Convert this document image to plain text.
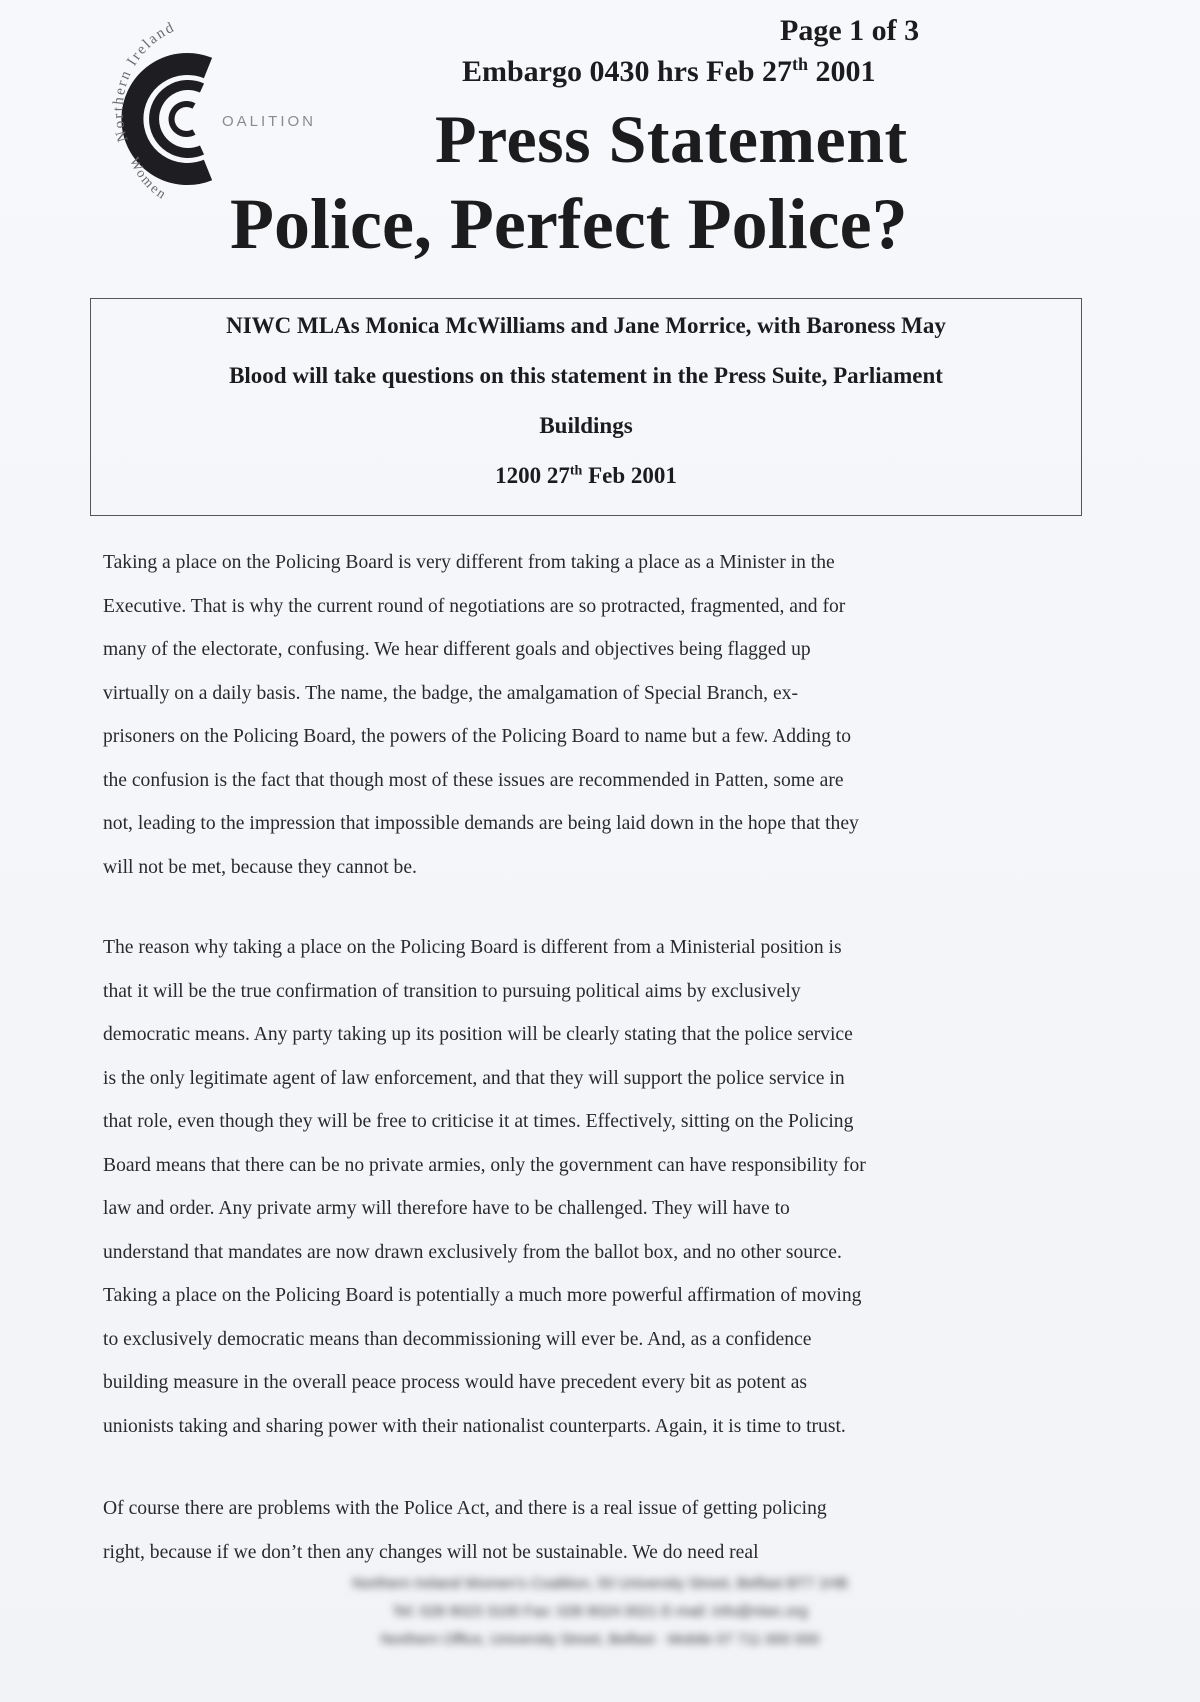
Northern Ireland
Women
OALITION
Page 1 of 3
Embargo 0430 hrs Feb 27th 2001
Press Statement
Police, Perfect Police?
NIWC MLAs Monica McWilliams and Jane Morrice, with Baroness May
Blood will take questions on this statement in the Press Suite, Parliament
Buildings
1200 27th Feb 2001
Taking a place on the Policing Board is very different from taking a place as a Minister in the
Executive. That is why the current round of negotiations are so protracted, fragmented, and for
many of the electorate, confusing. We hear different goals and objectives being flagged up
virtually on a daily basis. The name, the badge, the amalgamation of Special Branch, ex-
prisoners on the Policing Board, the powers of the Policing Board to name but a few. Adding to
the confusion is the fact that though most of these issues are recommended in Patten, some are
not, leading to the impression that impossible demands are being laid down in the hope that they
will not be met, because they cannot be.
The reason why taking a place on the Policing Board is different from a Ministerial position is
that it will be the true confirmation of transition to pursuing political aims by exclusively
democratic means. Any party taking up its position will be clearly stating that the police service
is the only legitimate agent of law enforcement, and that they will support the police service in
that role, even though they will be free to criticise it at times. Effectively, sitting on the Policing
Board means that there can be no private armies, only the government can have responsibility for
law and order. Any private army will therefore have to be challenged. They will have to
understand that mandates are now drawn exclusively from the ballot box, and no other source.
Taking a place on the Policing Board is potentially a much more powerful affirmation of moving
to exclusively democratic means than decommissioning will ever be. And, as a confidence
building measure in the overall peace process would have precedent every bit as potent as
unionists taking and sharing power with their nationalist counterparts. Again, it is time to trust.
Of course there are problems with the Police Act, and there is a real issue of getting policing
right, because if we don’t then any changes will not be sustainable. We do need real
Northern Ireland Women’s Coalition, 50 University Street, Belfast BT7 1HB
Tel: 028 9023 3100 Fax: 028 9024 0021 E-mail: info@niwc.org
Northern Office, University Street, Belfast · Mobile 07 711 000 000
